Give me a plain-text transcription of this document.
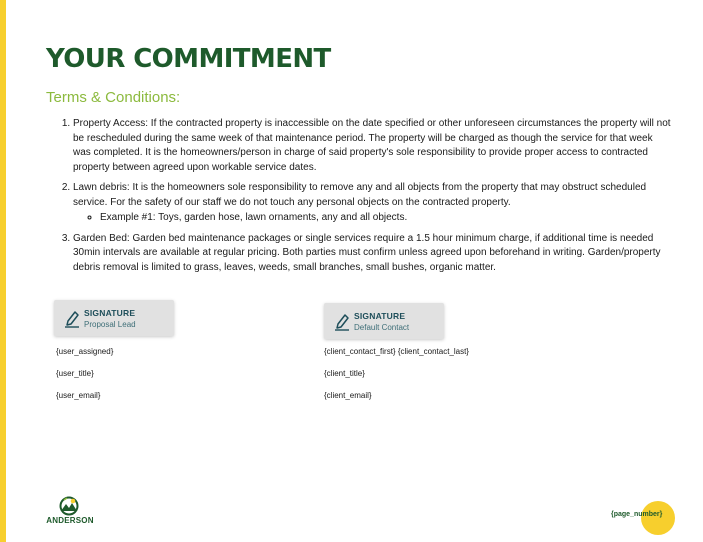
YOUR COMMITMENT
Terms & Conditions:
1. Property Access: If the contracted property is inaccessible on the date specified or other unforeseen circumstances the property will not be rescheduled during the same week of that maintenance period. The property will be charged as though the service for that week was completed. It is the homeowners/person in charge of said property's sole responsibility to provide proper access to contracted property between agreed upon workable service dates.
2. Lawn debris: It is the homeowners sole responsibility to remove any and all objects from the property that may obstruct scheduled service. For the safety of our staff we do not touch any personal objects on the contracted property.
◦ Example #1: Toys, garden hose, lawn ornaments, any and all objects.
3. Garden Bed: Garden bed maintenance packages or single services require a 1.5 hour minimum charge, if additional time is needed 30min intervals are available at regular pricing. Both parties must confirm unless agreed upon beforehand in writing. Garden/property debris removal is limited to grass, leaves, weeds, small branches, small bushes, organic matter.
SIGNATURE
Proposal Lead
{user_assigned}
{user_title}
{user_email}
SIGNATURE
Default Contact
{client_contact_first} {client_contact_last}
{client_title}
{client_email}
ANDERSON
{page_number}
